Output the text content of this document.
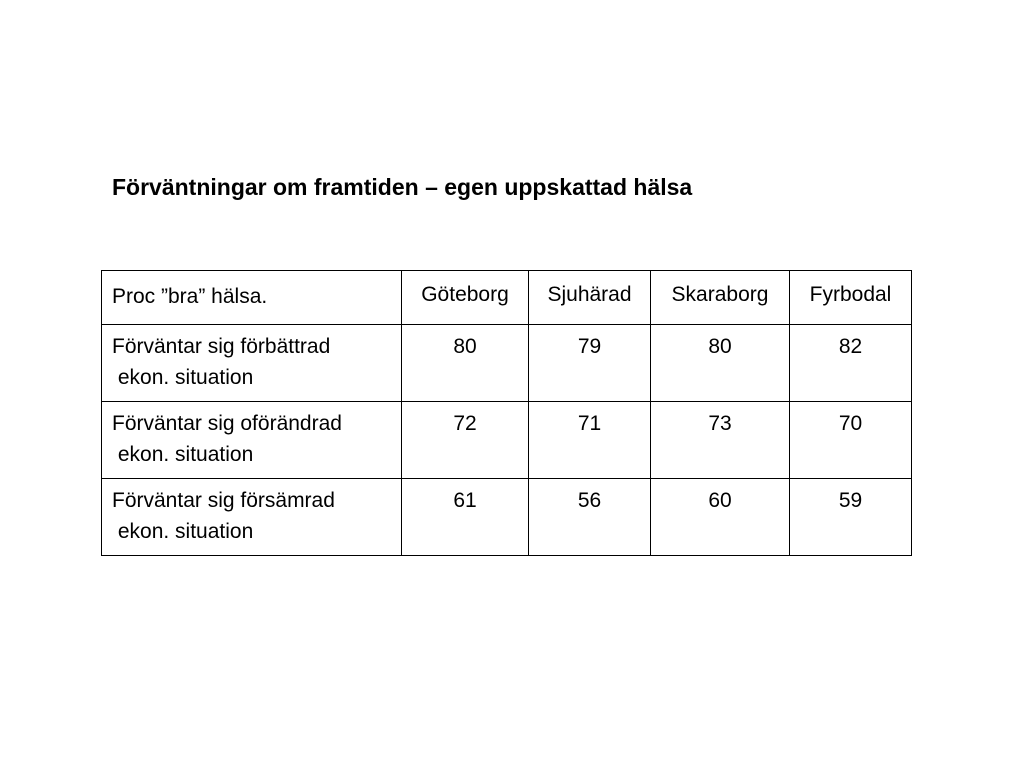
Förväntningar om framtiden – egen uppskattad hälsa
Proc ”bra” hälsa.	Göteborg	Sjuhärad	Skaraborg	Fyrbodal
Förväntar sig förbättrad
ekon. situation	80	79	80	82
Förväntar sig oförändrad
ekon. situation	72	71	73	70
Förväntar sig försämrad
ekon. situation	61	56	60	59
